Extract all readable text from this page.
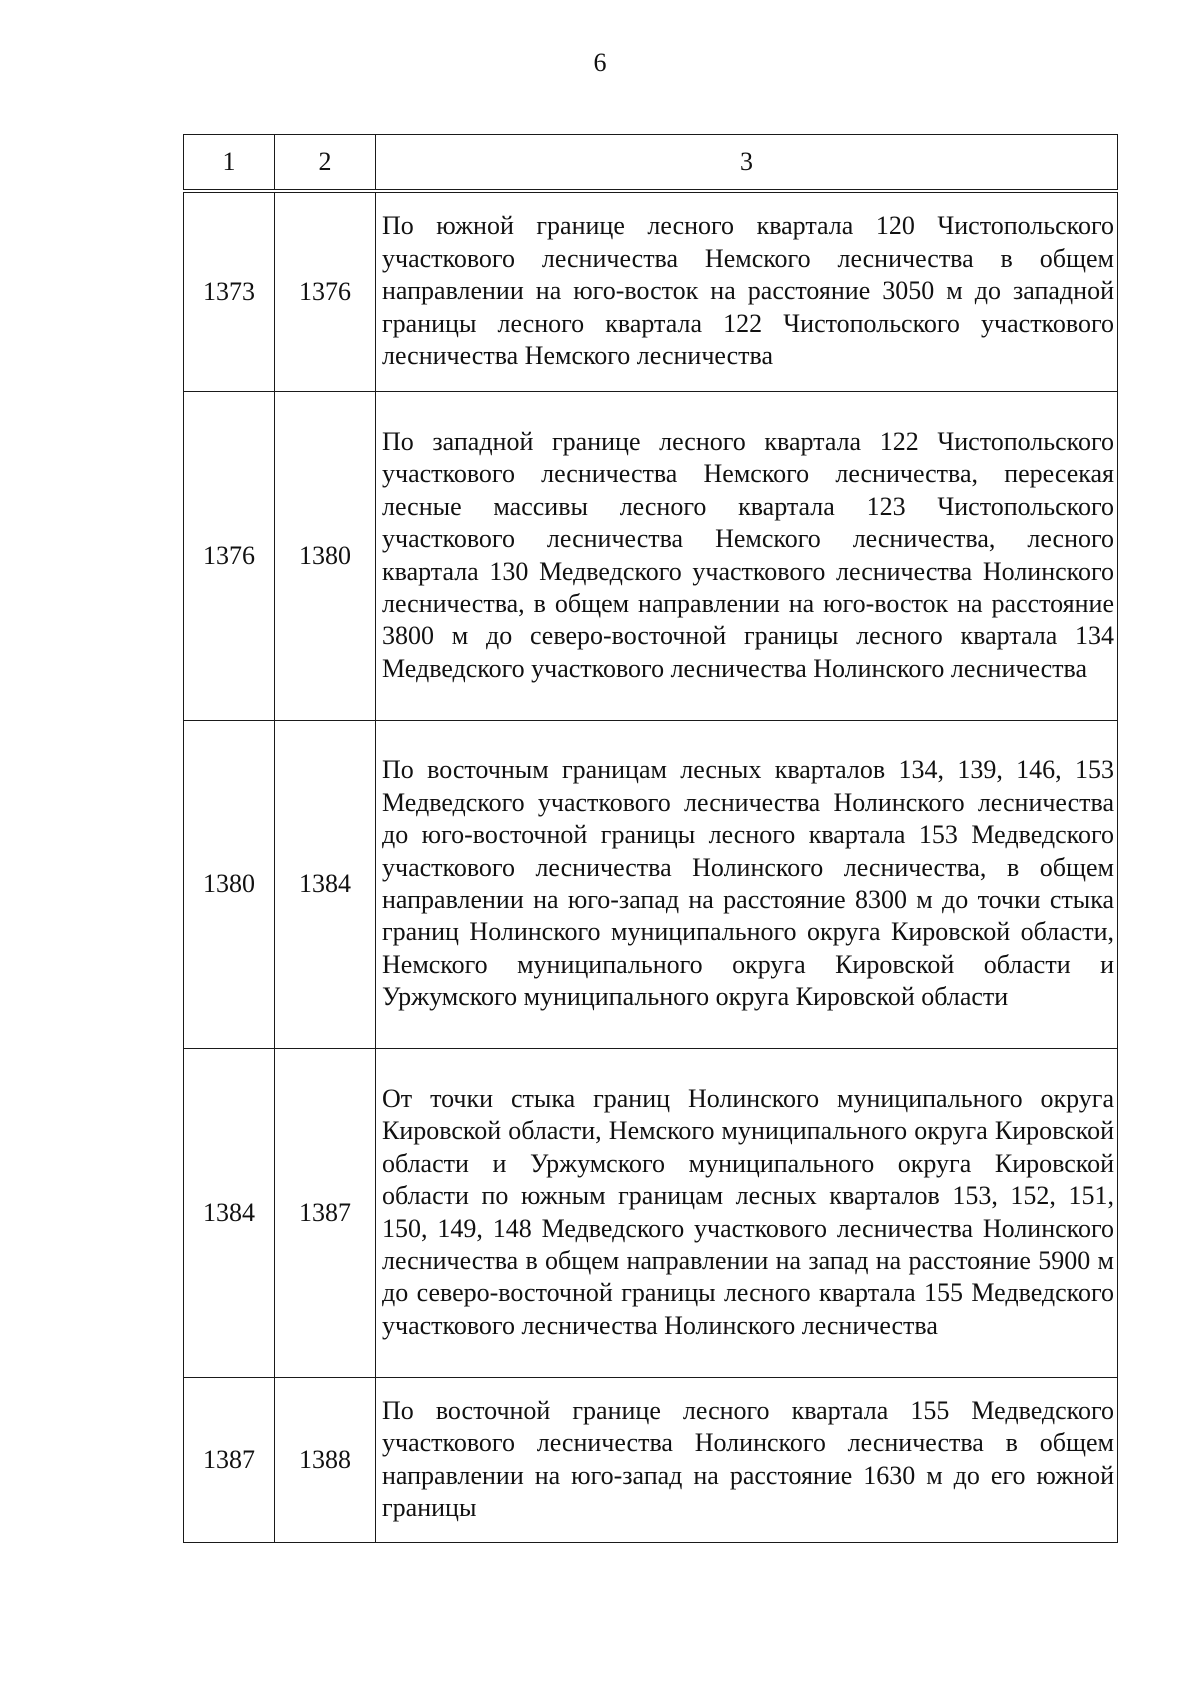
6
1	2	3
1373	1376	По южной границе лесного квартала 120 Чистопольского участкового лесничества Немского лесничества в общем направлении на юго-восток на расстояние 3050 м до западной границы лесного квартала 122 Чистопольского участкового лесничества Немского лесничества
1376	1380	По западной границе лесного квартала 122 Чистопольского участкового лесничества Немского лесничества, пересекая лесные массивы лесного квартала 123 Чистопольского участкового лесничества Немского лесничества, лесного квартала 130 Медведского участкового лесничества Нолинского лесничества, в общем направлении на юго-восток на расстояние 3800 м до северо-восточной границы лесного квартала 134 Медведского участкового лесничества Нолинского лесничества
1380	1384	По восточным границам лесных кварталов 134, 139, 146, 153 Медведского участкового лесничества Нолинского лесничества до юго-восточной границы лесного квартала 153 Медведского участкового лесничества Нолинского лесничества, в общем направлении на юго-запад на расстояние 8300 м до точки стыка границ Нолинского муниципального округа Кировской области, Немского муниципального округа Кировской области и Уржумского муниципального округа Кировской области
1384	1387	От точки стыка границ Нолинского муниципального округа Кировской области, Немского муниципального округа Кировской области и Уржумского муниципального округа Кировской области по южным границам лесных кварталов 153, 152, 151, 150, 149, 148 Медведского участкового лесничества Нолинского лесничества в общем направлении на запад на расстояние 5900 м до северо-восточной границы лесного квартала 155 Медведского участкового лесничества Нолинского лесничества
1387	1388	По восточной границе лесного квартала 155 Медведского участкового лесничества Нолинского лесничества в общем направлении на юго-запад на расстояние 1630 м до его южной границы
